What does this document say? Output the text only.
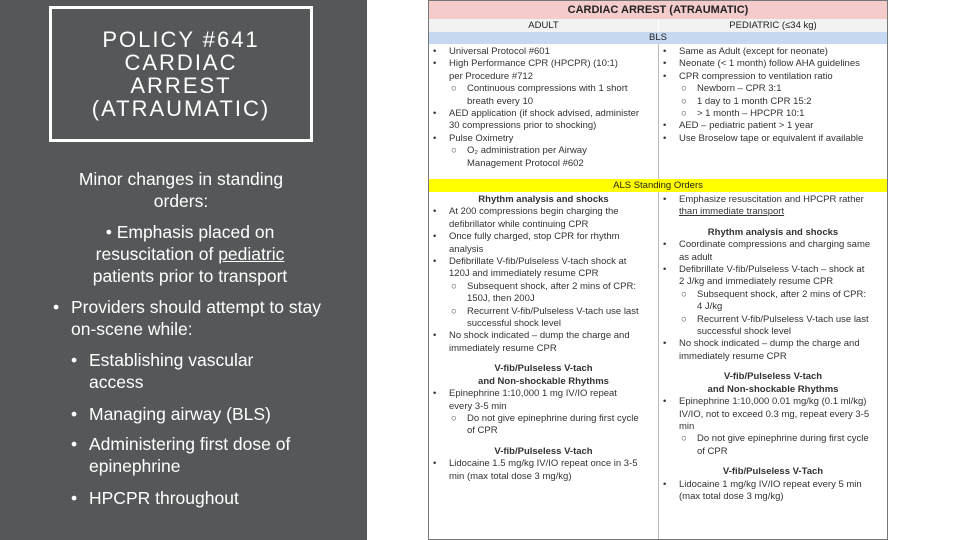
POLICY #641
CARDIAC
ARREST
(ATRAUMATIC)
Minor changes in standing orders:
• Emphasis placed on resuscitation of pediatric patients prior to transport
• Providers should attempt to stay on-scene while:
• Establishing vascular access
• Managing airway (BLS)
• Administering first dose of epinephrine
• HPCPR throughout
CARDIAC ARREST (ATRAUMATIC)
ADULT	PEDIATRIC (≤34 kg)
BLS
• Universal Protocol #601
• High Performance CPR (HPCPR) (10:1)
per Procedure #712
○ Continuous compressions with 1 short
breath every 10
• AED application (if shock advised, administer
30 compressions prior to shocking)
• Pulse Oximetry
○ O₂ administration per Airway
Management Protocol #602
• Same as Adult (except for neonate)
• Neonate (< 1 month) follow AHA guidelines
• CPR compression to ventilation ratio
○ Newborn – CPR 3:1
○ 1 day to 1 month CPR 15:2
○ > 1 month – HPCPR 10:1
• AED – pediatric patient > 1 year
• Use Broselow tape or equivalent if available
ALS Standing Orders
Rhythm analysis and shocks
• At 200 compressions begin charging the
defibrillator while continuing CPR
• Once fully charged, stop CPR for rhythm
analysis
• Defibrillate V-fib/Pulseless V-tach shock at
120J and immediately resume CPR
○ Subsequent shock, after 2 mins of CPR:
150J, then 200J
○ Recurrent V-fib/Pulseless V-tach use last
successful shock level
• No shock indicated – dump the charge and
immediately resume CPR
V-fib/Pulseless V-tach
and Non-shockable Rhythms
• Epinephrine 1:10,000 1 mg IV/IO repeat
every 3-5 min
○ Do not give epinephrine during first cycle
of CPR
V-fib/Pulseless V-tach
• Lidocaine 1.5 mg/kg IV/IO repeat once in 3-5
min (max total dose 3 mg/kg)
• Emphasize resuscitation and HPCPR rather
than immediate transport
Rhythm analysis and shocks
• Coordinate compressions and charging same
as adult
• Defibrillate V-fib/Pulseless V-tach – shock at
2 J/kg and immediately resume CPR
○ Subsequent shock, after 2 mins of CPR:
4 J/kg
○ Recurrent V-fib/Pulseless V-tach use last
successful shock level
• No shock indicated – dump the charge and
immediately resume CPR
V-fib/Pulseless V-tach
and Non-shockable Rhythms
• Epinephrine 1:10,000 0.01 mg/kg (0.1 ml/kg)
IV/IO, not to exceed 0.3 mg, repeat every 3-5
min
○ Do not give epinephrine during first cycle
of CPR
V-fib/Pulseless V-Tach
• Lidocaine 1 mg/kg IV/IO repeat every 5 min
(max total dose 3 mg/kg)
